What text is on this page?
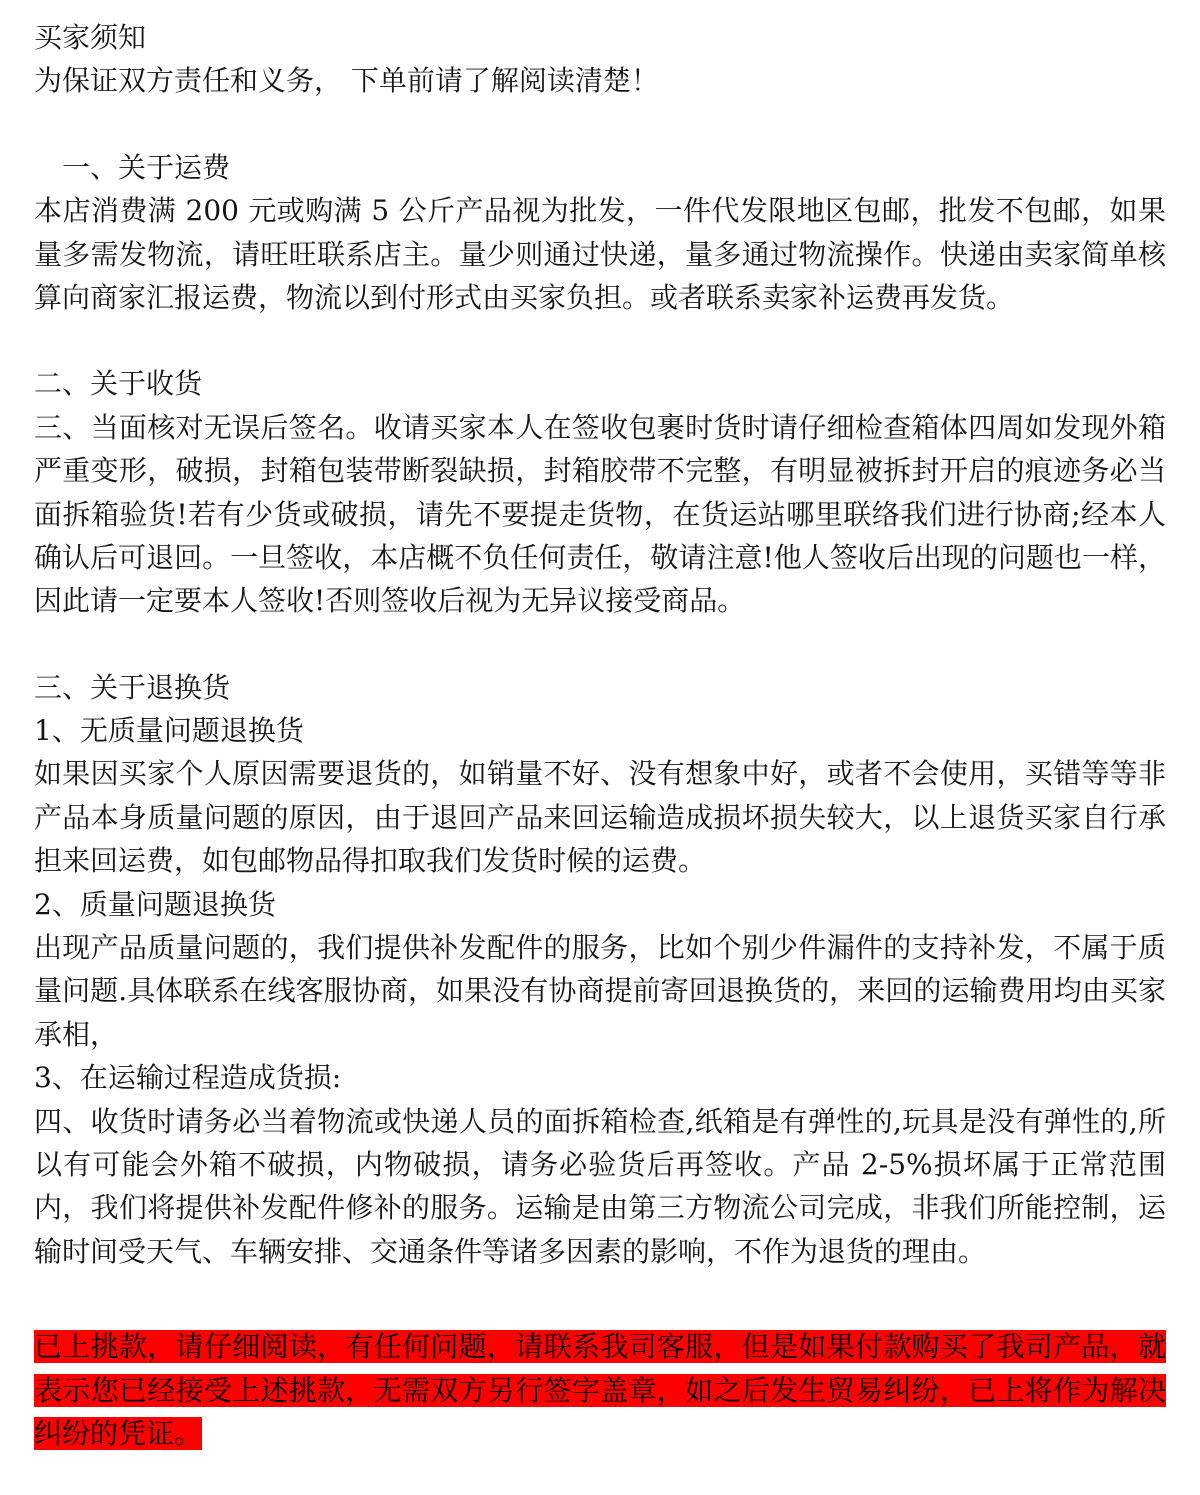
买家须知

为保证双方责任和义务， 下单前请了解阅读清楚！

一、关于运费

本店消费满 200 元或购满 5 公斤产品视为批发，一件代发限地区包邮，批发不包邮，如果量多需发物流，请旺旺联系店主。量少则通过快递，量多通过物流操作。快递由卖家简单核算向商家汇报运费，物流以到付形式由买家负担。或者联系卖家补运费再发货。

二、关于收货

三、当面核对无误后签名。收请买家本人在签收包裹时货时请仔细检查箱体四周如发现外箱严重变形，破损，封箱包装带断裂缺损，封箱胶带不完整，有明显被拆封开启的痕迹务必当面拆箱验货!若有少货或破损，请先不要提走货物，在货运站哪里联络我们进行协商;经本人确认后可退回。一旦签收，本店概不负任何责任，敬请注意!他人签收后出现的问题也一样，因此请一定要本人签收!否则签收后视为无异议接受商品。

三、关于退换货

1、无质量问题退换货

如果因买家个人原因需要退货的，如销量不好、没有想象中好，或者不会使用，买错等等非产品本身质量问题的原因，由于退回产品来回运输造成损坏损失较大，以上退货买家自行承担来回运费，如包邮物品得扣取我们发货时候的运费。

2、质量问题退换货

出现产品质量问题的，我们提供补发配件的服务，比如个别少件漏件的支持补发，不属于质量问题.具体联系在线客服协商，如果没有协商提前寄回退换货的，来回的运输费用均由买家承相，

3、在运输过程造成货损:

四、收货时请务必当着物流或快递人员的面拆箱检查,纸箱是有弹性的,玩具是没有弹性的,所以有可能会外箱不破损，内物破损，请务必验货后再签收。产品 2-5%损坏属于正常范围内，我们将提供补发配件修补的服务。运输是由第三方物流公司完成，非我们所能控制，运输时间受天气、车辆安排、交通条件等诸多因素的影响，不作为退货的理由。

已上挑款，请仔细阅读，有任何问题，请联系我司客服，但是如果付款购买了我司产品，就表示您已经接受上述挑款，无需双方另行签字盖章，如之后发生贸易纠纷，已上将作为解决纠纷的凭证。
